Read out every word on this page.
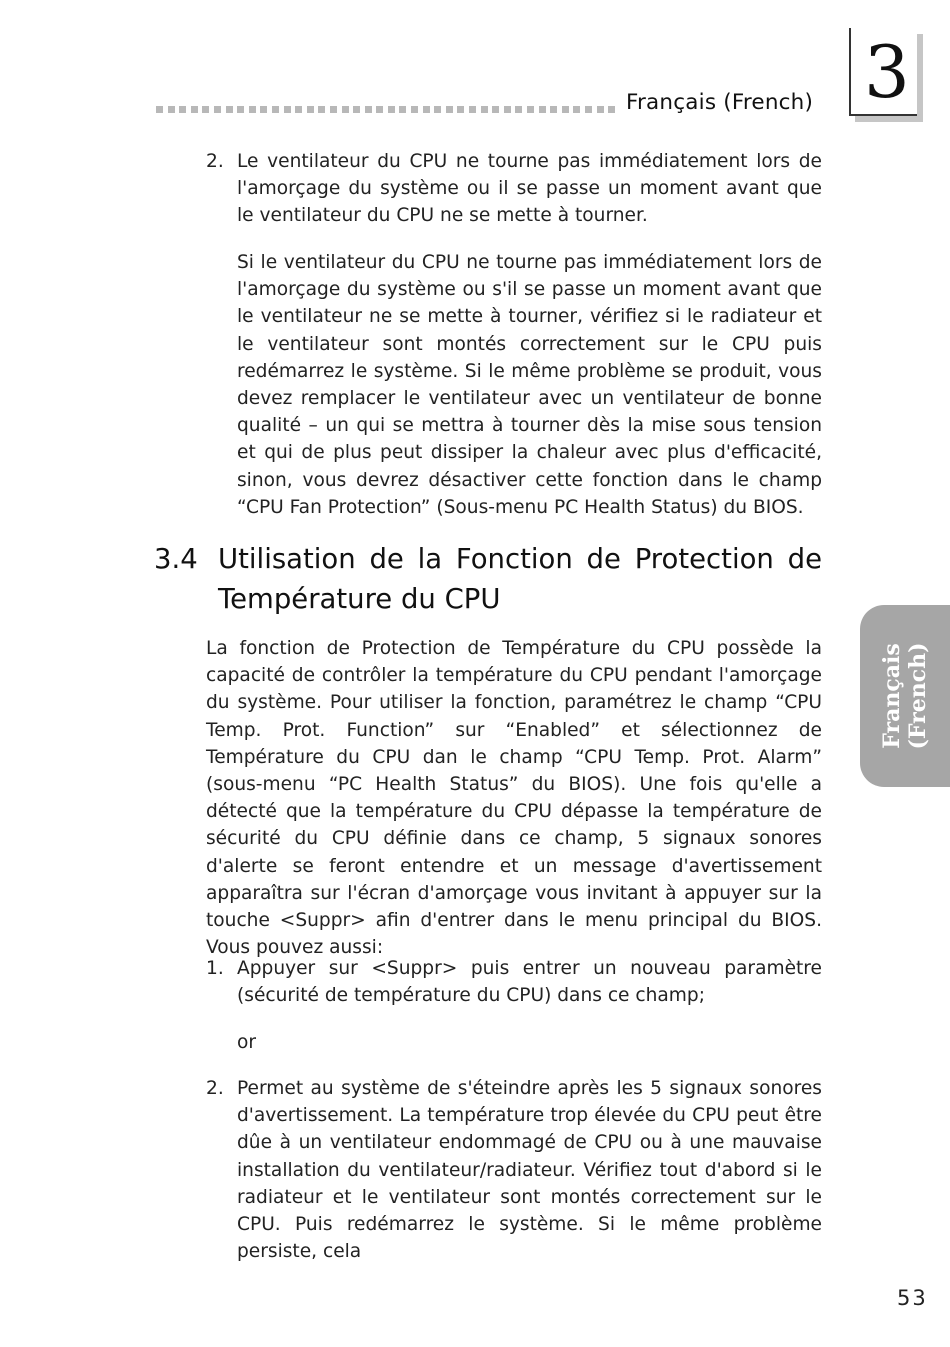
Français (French) 3
Français (French)
2. Le ventilateur du CPU ne tourne pas immédiatement lors de l'amorçage du système ou il se passe un moment avant que le ventilateur du CPU ne se mette à tourner.
Si le ventilateur du CPU ne tourne pas immédiatement lors de l'amorçage du système ou s'il se passe un moment avant que le ventilateur ne se mette à tourner, vérifiez si le radiateur et le ventilateur sont montés correctement sur le CPU puis redémarrez le système. Si le même problème se produit, vous devez remplacer le ventilateur avec un ventilateur de bonne qualité – un qui se mettra à tourner dès la mise sous tension et qui de plus peut dissiper la chaleur avec plus d'efficacité, sinon, vous devrez désactiver cette fonction dans le champ “CPU Fan Protection” (Sous-menu PC Health Status) du BIOS.
3.4 Utilisation de la Fonction de Protection de Température du CPU
La fonction de Protection de Température du CPU possède la capacité de contrôler la température du CPU pendant l'amorçage du système. Pour utiliser la fonction, paramétrez le champ “CPU Temp. Prot. Function” sur “Enabled” et sélectionnez de Température du CPU dan le champ “CPU Temp. Prot. Alarm” (sous-menu “PC Health Status” du BIOS). Une fois qu'elle a détecté que la température du CPU dépasse la température de sécurité du CPU définie dans ce champ, 5 signaux sonores d'alerte se feront entendre et un message d'avertissement apparaîtra sur l'écran d'amorçage vous invitant à appuyer sur la touche <Suppr> afin d'entrer dans le menu principal du BIOS. Vous pouvez aussi:
1. Appuyer sur <Suppr> puis entrer un nouveau paramètre (sécurité de température du CPU) dans ce champ;
or
2. Permet au système de s'éteindre après les 5 signaux sonores d'avertissement. La température trop élevée du CPU peut être dûe à un ventilateur endommagé de CPU ou à une mauvaise installation du ventilateur/radiateur. Vérifiez tout d'abord si le radiateur et le ventilateur sont montés correctement sur le CPU. Puis redémarrez le système. Si le même problème persiste, cela
53
